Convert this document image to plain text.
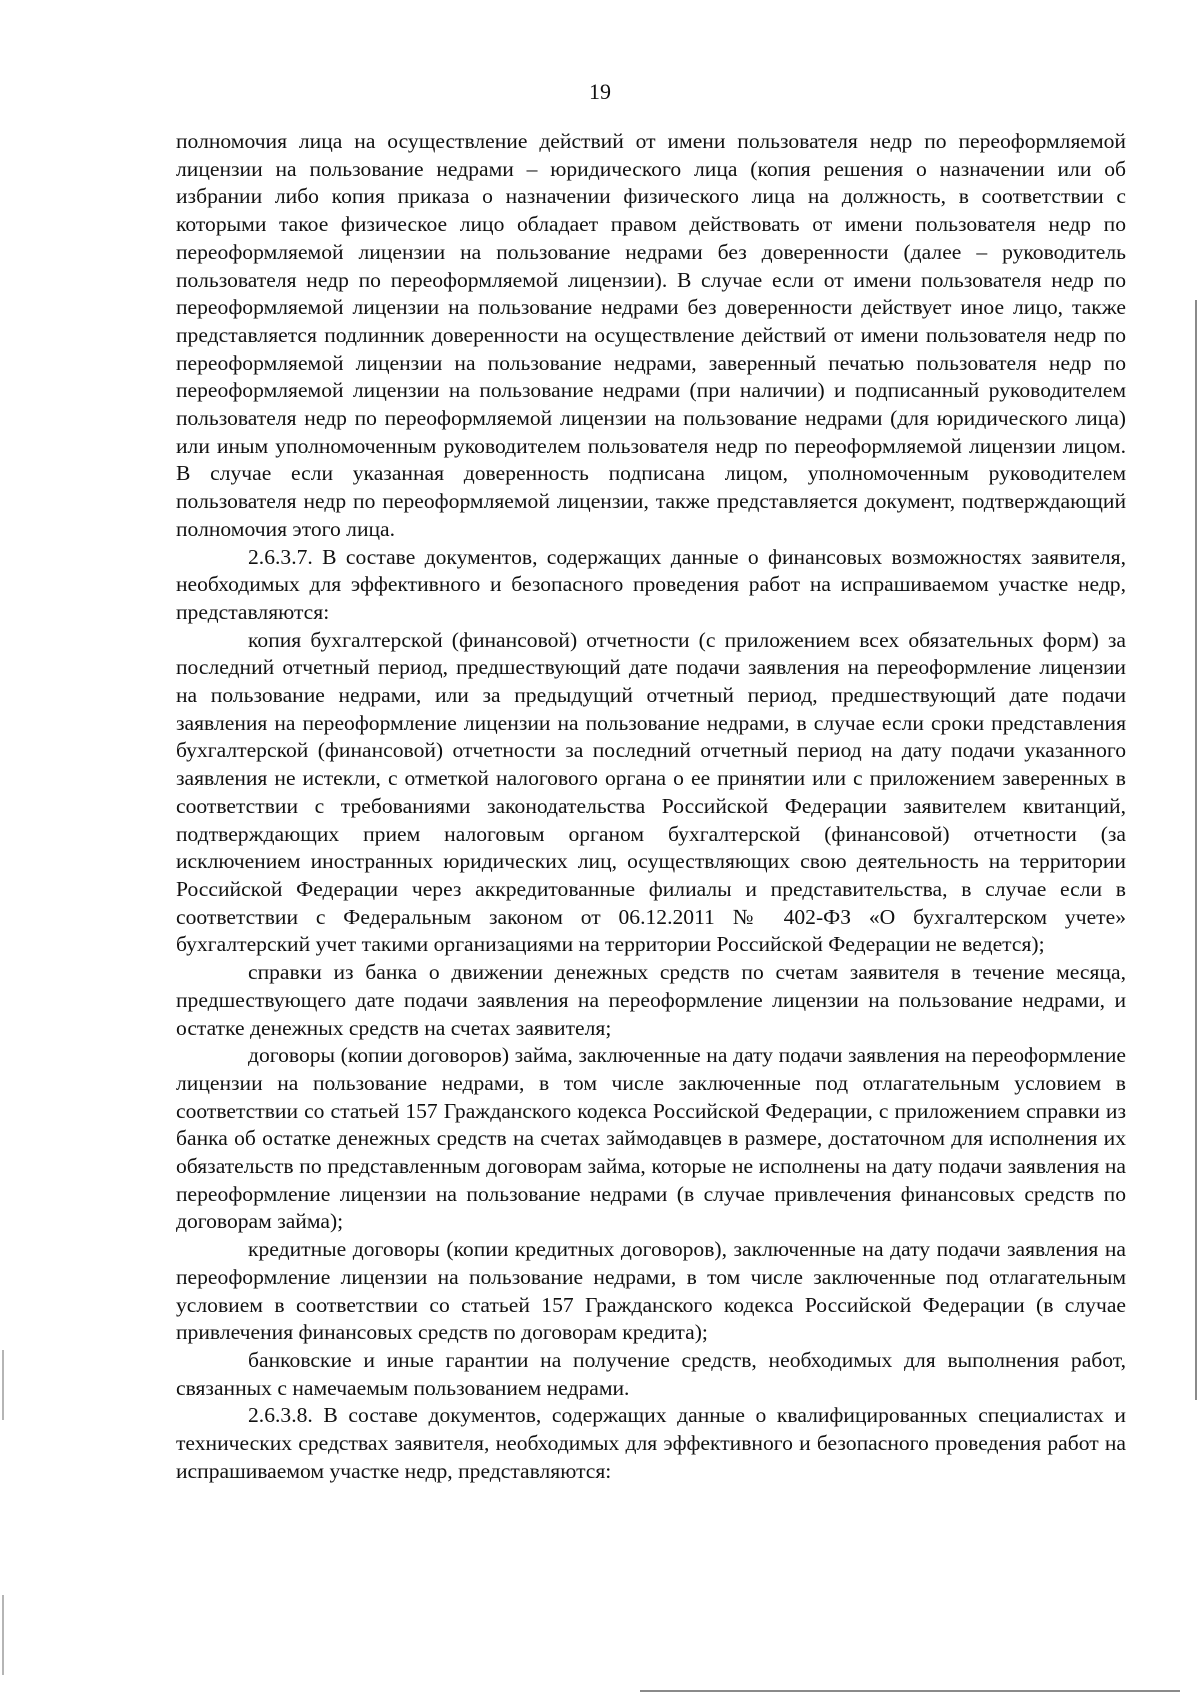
19

полномочия лица на осуществление действий от имени пользователя недр по переоформляемой лицензии на пользование недрами – юридического лица (копия решения о назначении или об избрании либо копия приказа о назначении физического лица на должность, в соответствии с которыми такое физическое лицо обладает правом действовать от имени пользователя недр по переоформляемой лицензии на пользование недрами без доверенности (далее – руководитель пользователя недр по переоформляемой лицензии). В случае если от имени пользователя недр по переоформляемой лицензии на пользование недрами без доверенности действует иное лицо, также представляется подлинник доверенности на осуществление действий от имени пользователя недр по переоформляемой лицензии на пользование недрами, заверенный печатью пользователя недр по переоформляемой лицензии на пользование недрами (при наличии) и подписанный руководителем пользователя недр по переоформляемой лицензии на пользование недрами (для юридического лица) или иным уполномоченным руководителем пользователя недр по переоформляемой лицензии лицом. В случае если указанная доверенность подписана лицом, уполномоченным руководителем пользователя недр по переоформляемой лицензии, также представляется документ, подтверждающий полномочия этого лица.

2.6.3.7. В составе документов, содержащих данные о финансовых возможностях заявителя, необходимых для эффективного и безопасного проведения работ на испрашиваемом участке недр, представляются:

копия бухгалтерской (финансовой) отчетности (с приложением всех обязательных форм) за последний отчетный период, предшествующий дате подачи заявления на переоформление лицензии на пользование недрами, или за предыдущий отчетный период, предшествующий дате подачи заявления на переоформление лицензии на пользование недрами, в случае если сроки представления бухгалтерской (финансовой) отчетности за последний отчетный период на дату подачи указанного заявления не истекли, с отметкой налогового органа о ее принятии или с приложением заверенных в соответствии с требованиями законодательства Российской Федерации заявителем квитанций, подтверждающих прием налоговым органом бухгалтерской (финансовой) отчетности (за исключением иностранных юридических лиц, осуществляющих свою деятельность на территории Российской Федерации через аккредитованные филиалы и представительства, в случае если в соответствии с Федеральным законом от 06.12.2011 № 402-ФЗ «О бухгалтерском учете» бухгалтерский учет такими организациями на территории Российской Федерации не ведется);

справки из банка о движении денежных средств по счетам заявителя в течение месяца, предшествующего дате подачи заявления на переоформление лицензии на пользование недрами, и остатке денежных средств на счетах заявителя;

договоры (копии договоров) займа, заключенные на дату подачи заявления на переоформление лицензии на пользование недрами, в том числе заключенные под отлагательным условием в соответствии со статьей 157 Гражданского кодекса Российской Федерации, с приложением справки из банка об остатке денежных средств на счетах займодавцев в размере, достаточном для исполнения их обязательств по представленным договорам займа, которые не исполнены на дату подачи заявления на переоформление лицензии на пользование недрами (в случае привлечения финансовых средств по договорам займа);

кредитные договоры (копии кредитных договоров), заключенные на дату подачи заявления на переоформление лицензии на пользование недрами, в том числе заключенные под отлагательным условием в соответствии со статьей 157 Гражданского кодекса Российской Федерации (в случае привлечения финансовых средств по договорам кредита);

банковские и иные гарантии на получение средств, необходимых для выполнения работ, связанных с намечаемым пользованием недрами.

2.6.3.8. В составе документов, содержащих данные о квалифицированных специалистах и технических средствах заявителя, необходимых для эффективного и безопасного проведения работ на испрашиваемом участке недр, представляются:
